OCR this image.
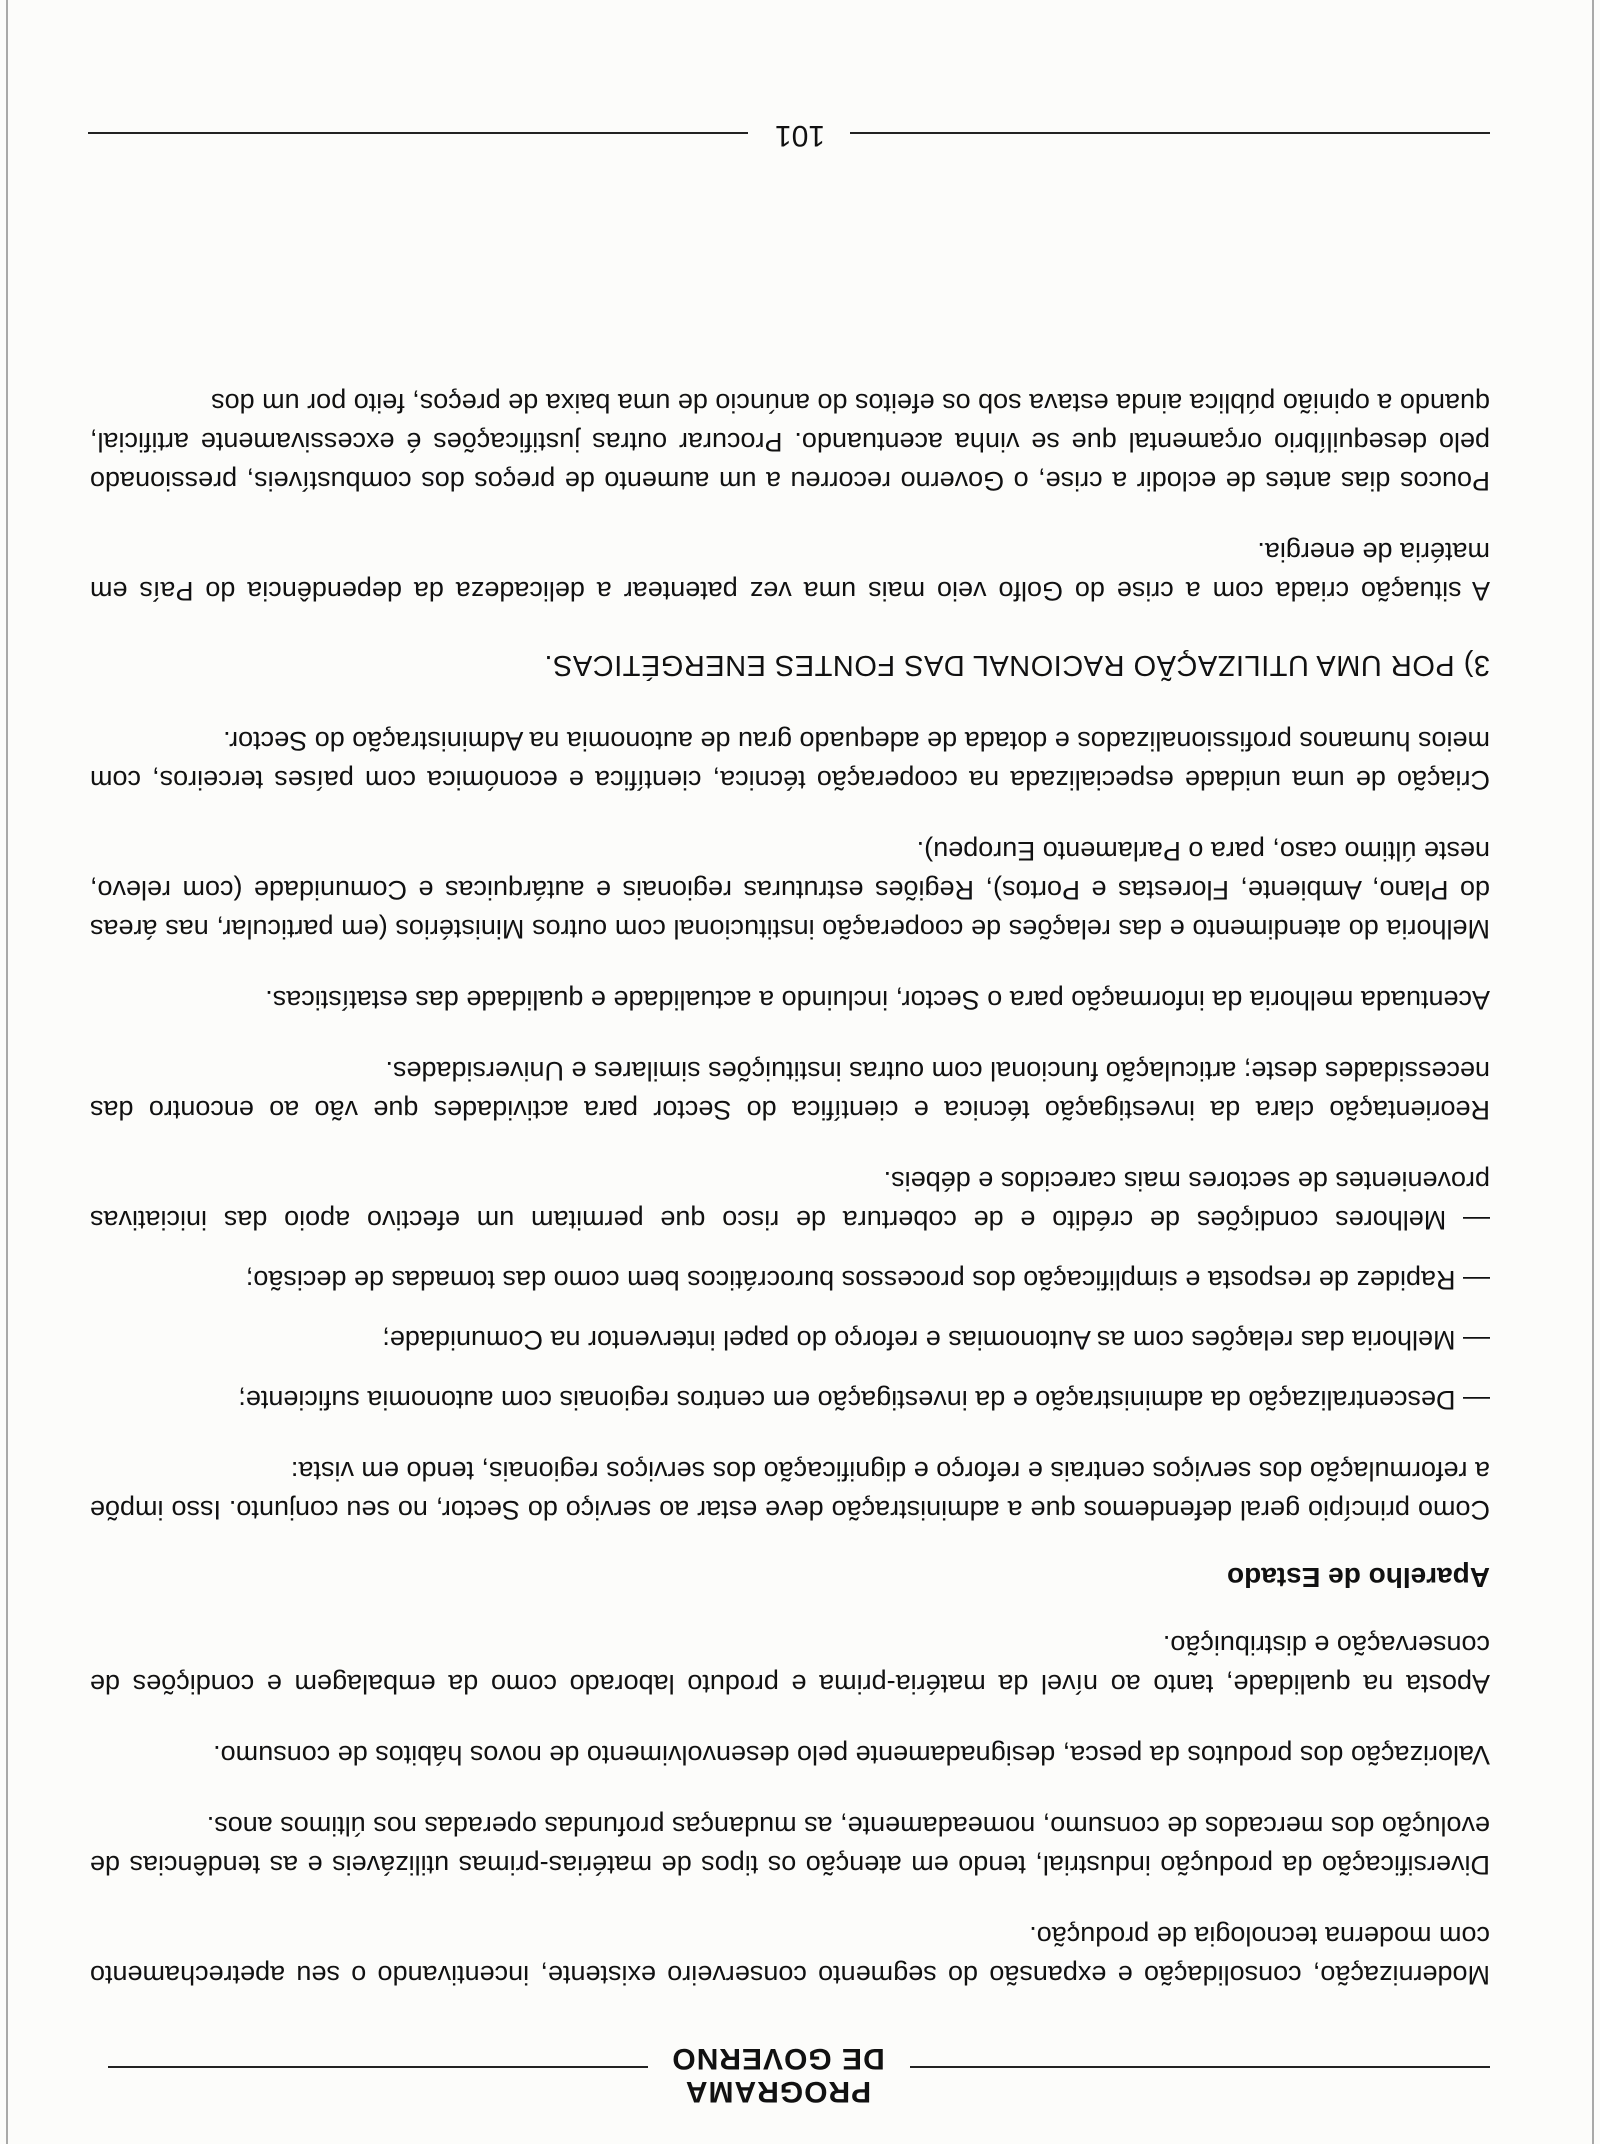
PROGRAMA
DE GOVERNO

Modernização, consolidação e expansão do segmento conserveiro existente, incentivando o seu apetrechamento com moderna tecnologia de produção.

Diversificação da produção industrial, tendo em atenção os tipos de matérias-primas utilizáveis e as tendências de evolução dos mercados de consumo, nomeadamente, as mudanças profundas operadas nos últimos anos.

Valorização dos produtos da pesca, designadamente pelo desenvolvimento de novos hábitos de consumo.

Aposta na qualidade, tanto ao nível da matéria-prima e produto laborado como da embalagem e condições de conservação e distribuição.

Aparelho de Estado

Como princípio geral defendemos que a administração deve estar ao serviço do Sector, no seu conjunto. Isso impõe a reformulação dos serviços centrais e reforço e dignificação dos serviços regionais, tendo em vista:

— Descentralização da administração e da investigação em centros regionais com autonomia suficiente;

— Melhoria das relações com as Autonomias e reforço do papel interventor na Comunidade;

— Rapidez de resposta e simplificação dos processos burocráticos bem como das tomadas de decisão;

— Melhores condições de crédito e de cobertura de risco que permitam um efectivo apoio das iniciativas provenientes de sectores mais carecidos e débeis.

Reorientação clara da investigação técnica e científica do Sector para actividades que vão ao encontro das necessidades deste; articulação funcional com outras instituições similares e Universidades.

Acentuada melhoria da informação para o Sector, incluindo a actualidade e qualidade das estatísticas.

Melhoria do atendimento e das relações de cooperação institucional com outros Ministérios (em particular, nas áreas do Plano, Ambiente, Florestas e Portos), Regiões estruturas regionais e autárquicas e Comunidade (com relevo, neste último caso, para o Parlamento Europeu).

Criação de uma unidade especializada na cooperação técnica, científica e económica com países terceiros, com meios humanos profissionalizados e dotada de adequado grau de autonomia na Administração do Sector.

3) POR UMA UTILIZAÇÃO RACIONAL DAS FONTES ENERGÉTICAS.

A situação criada com a crise do Golfo veio mais uma vez patentear a delicadeza da dependência do País em matéria de energia.

Poucos dias antes de eclodir a crise, o Governo recorreu a um aumento de preços dos combustíveis, pressionado pelo desequilíbrio orçamental que se vinha acentuando. Procurar outras justificações é excessivamente artificial, quando a opinião pública ainda estava sob os efeitos do anúncio de uma baixa de preços, feito por um dos

101
